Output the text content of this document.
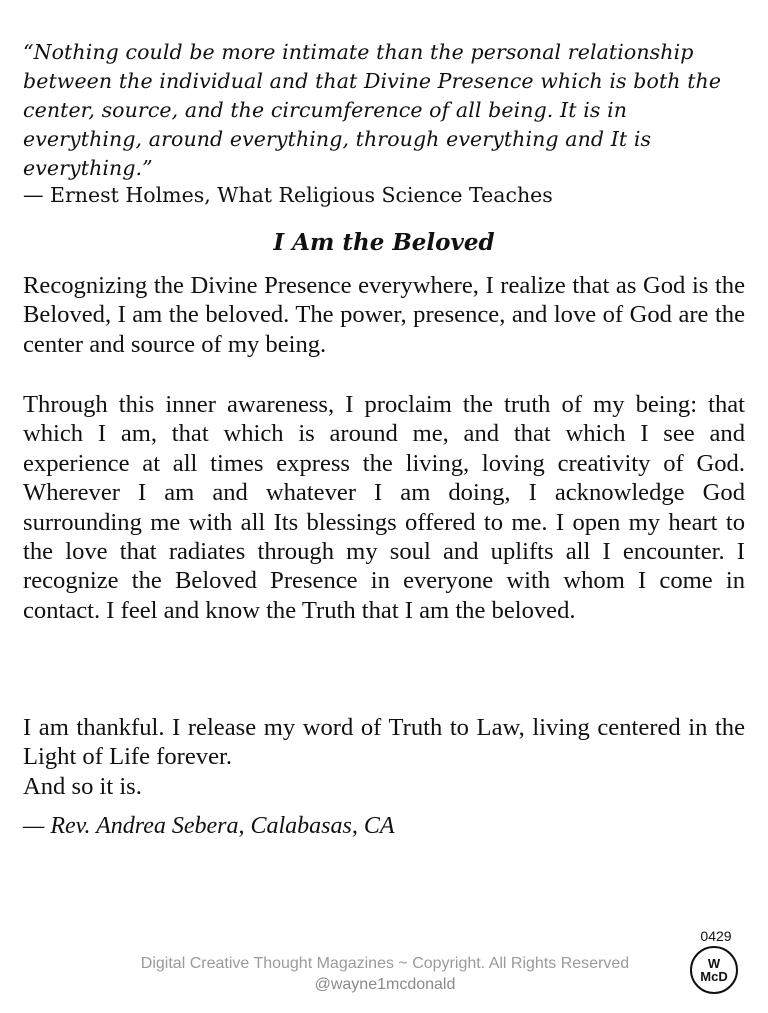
“Nothing could be more intimate than the personal relationship between the individual and that Divine Presence which is both the center, source, and the circumference of all being. It is in everything, around everything, through everything and It is everything.”

— Ernest Holmes, What Religious Science Teaches

I Am the Beloved

Recognizing the Divine Presence everywhere, I realize that as God is the Beloved, I am the beloved. The power, presence, and love of God are the center and source of my being.

Through this inner awareness, I proclaim the truth of my being: that which I am, that which is around me, and that which I see and experience at all times express the living, loving creativity of God. Wherever I am and whatever I am doing, I acknowledge God surrounding me with all Its blessings offered to me. I open my heart to the love that radiates through my soul and uplifts all I encounter. I recognize the Beloved Presence in everyone with whom I come in contact. I feel and know the Truth that I am the beloved.

I am thankful. I release my word of Truth to Law, living centered in the Light of Life forever.

And so it is.

— Rev. Andrea Sebera, Calabasas, CA

Digital Creative Thought Magazines ~ Copyright. All Rights Reserved
@wayne1mcdonald
0429
W
McD
